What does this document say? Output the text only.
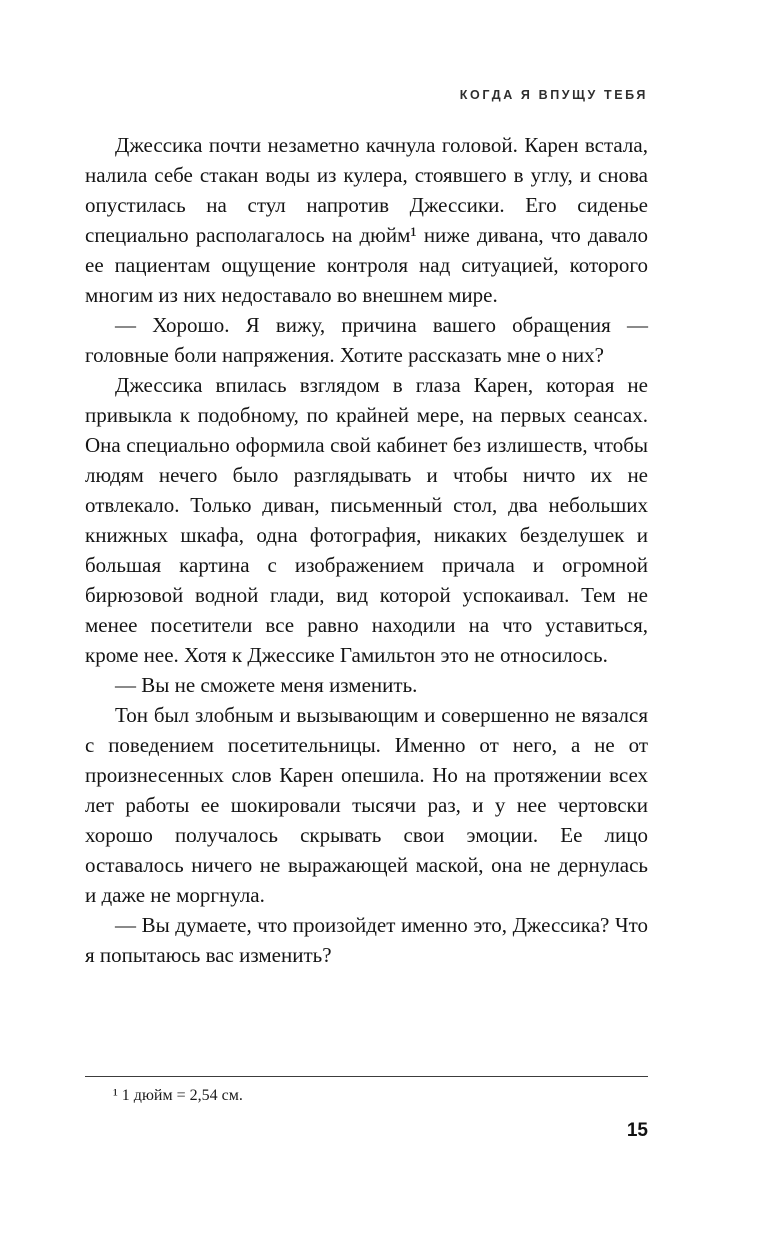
КОГДА Я ВПУЩУ ТЕБЯ

Джессика почти незаметно качнула головой. Карен встала, налила себе стакан воды из кулера, стоявшего в углу, и снова опустилась на стул напротив Джессики. Его сиденье специально располагалось на дюйм¹ ниже дивана, что давало ее пациентам ощущение контроля над ситуацией, которого многим из них недоставало во внешнем мире.

— Хорошо. Я вижу, причина вашего обращения — головные боли напряжения. Хотите рассказать мне о них?

Джессика впилась взглядом в глаза Карен, которая не привыкла к подобному, по крайней мере, на первых сеансах. Она специально оформила свой кабинет без излишеств, чтобы людям нечего было разглядывать и чтобы ничто их не отвлекало. Только диван, письменный стол, два небольших книжных шкафа, одна фотография, никаких безделушек и большая картина с изображением причала и огромной бирюзовой водной глади, вид которой успокаивал. Тем не менее посетители все равно находили на что уставиться, кроме нее. Хотя к Джессике Гамильтон это не относилось.

— Вы не сможете меня изменить.

Тон был злобным и вызывающим и совершенно не вязался с поведением посетительницы. Именно от него, а не от произнесенных слов Карен опешила. Но на протяжении всех лет работы ее шокировали тысячи раз, и у нее чертовски хорошо получалось скрывать свои эмоции. Ее лицо оставалось ничего не выражающей маской, она не дернулась и даже не моргнула.

— Вы думаете, что произойдет именно это, Джессика? Что я попытаюсь вас изменить?

¹ 1 дюйм = 2,54 см.

15
